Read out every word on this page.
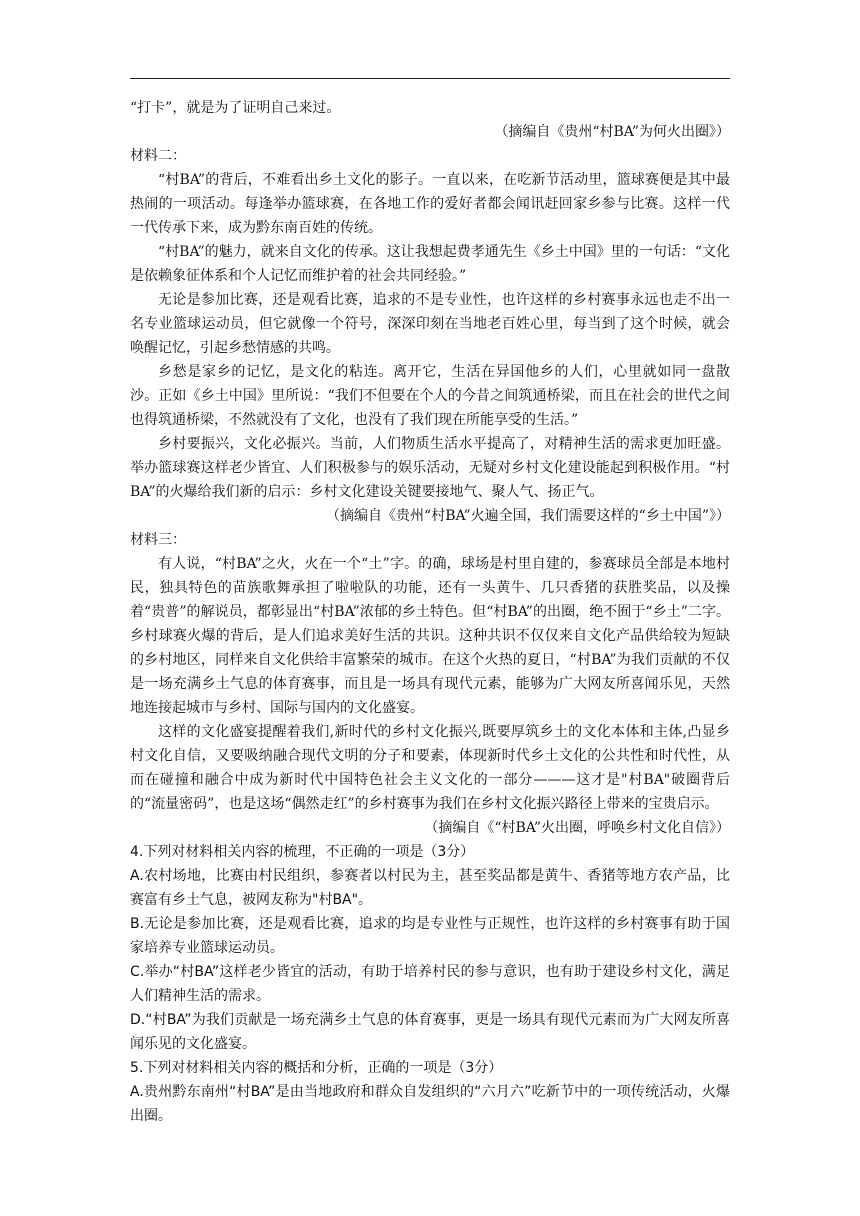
“打卡”，就是为了证明自己来过。

（摘编自《贵州“村BA”为何火出圈》）

材料二：

“村BA”的背后，不难看出乡土文化的影子。一直以来，在吃新节活动里，篮球赛便是其中最热闹的一项活动。每逢举办篮球赛，在各地工作的爱好者都会闻讯赶回家乡参与比赛。这样一代一代传承下来，成为黔东南百姓的传统。

“村BA”的魅力，就来自文化的传承。这让我想起费孝通先生《乡土中国》里的一句话：“文化是依赖象征体系和个人记忆而维护着的社会共同经验。”

无论是参加比赛，还是观看比赛，追求的不是专业性，也许这样的乡村赛事永远也走不出一名专业篮球运动员，但它就像一个符号，深深印刻在当地老百姓心里，每当到了这个时候，就会唤醒记忆，引起乡愁情感的共鸣。

乡愁是家乡的记忆，是文化的粘连。离开它，生活在异国他乡的人们，心里就如同一盘散沙。正如《乡土中国》里所说：“我们不但要在个人的今昔之间筑通桥梁，而且在社会的世代之间也得筑通桥梁，不然就没有了文化，也没有了我们现在所能享受的生活。”

乡村要振兴，文化必振兴。当前，人们物质生活水平提高了，对精神生活的需求更加旺盛。举办篮球赛这样老少皆宜、人们积极参与的娱乐活动，无疑对乡村文化建设能起到积极作用。“村BA”的火爆给我们新的启示：乡村文化建设关键要接地气、聚人气、扬正气。

（摘编自《贵州“村BA”火遍全国，我们需要这样的“乡土中国”》）

材料三：

有人说，“村BA”之火，火在一个“土”字。的确，球场是村里自建的，参赛球员全部是本地村民，独具特色的苗族歌舞承担了啦啦队的功能，还有一头黄牛、几只香猪的获胜奖品，以及操着“贵普”的解说员，都彰显出“村BA”浓郁的乡土特色。但“村BA”的出圈，绝不囿于“乡土”二字。乡村球赛火爆的背后，是人们追求美好生活的共识。这种共识不仅仅来自文化产品供给较为短缺的乡村地区，同样来自文化供给丰富繁荣的城市。在这个火热的夏日，“村BA”为我们贡献的不仅是一场充满乡土气息的体育赛事，而且是一场具有现代元素，能够为广大网友所喜闻乐见，天然地连接起城市与乡村、国际与国内的文化盛宴。

这样的文化盛宴提醒着我们,新时代的乡村文化振兴,既要厚筑乡土的文化本体和主体,凸显乡村文化自信，又要吸纳融合现代文明的分子和要素，体现新时代乡土文化的公共性和时代性，从而在碰撞和融合中成为新时代中国特色社会主义文化的一部分———这才是"村BA"破圈背后的“流量密码”，也是这场“偶然走红”的乡村赛事为我们在乡村文化振兴路径上带来的宝贵启示。

（摘编自《“村BA”火出圈，呼唤乡村文化自信》）

4.下列对材料相关内容的梳理，不正确的一项是（3分）

A.农村场地，比赛由村民组织，参赛者以村民为主，甚至奖品都是黄牛、香猪等地方农产品，比赛富有乡土气息，被网友称为"村BA"。

B.无论是参加比赛，还是观看比赛，追求的均是专业性与正规性，也许这样的乡村赛事有助于国家培养专业篮球运动员。

C.举办“村BA”这样老少皆宜的活动，有助于培养村民的参与意识，也有助于建设乡村文化，满足人们精神生活的需求。

D.“村BA”为我们贡献是一场充满乡土气息的体育赛事，更是一场具有现代元素而为广大网友所喜闻乐见的文化盛宴。

5.下列对材料相关内容的概括和分析，正确的一项是（3分）

A.贵州黔东南州“村BA”是由当地政府和群众自发组织的“六月六”吃新节中的一项传统活动，火爆出圈。
